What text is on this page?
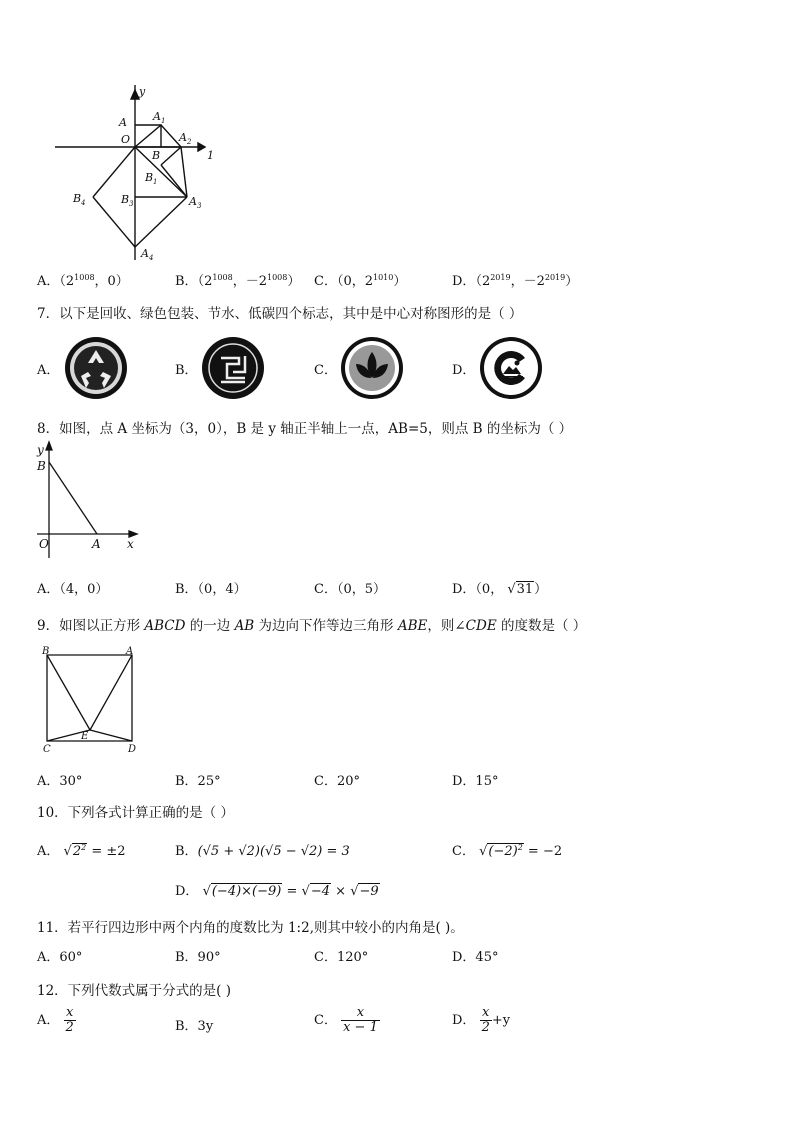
y
A A 1
O	A 2
1
B
B 1
B 3	A 3
B 4
A 4
A．（$2^{1008}$，0）	B．（$2^{1008}$，$-2^{1008}$） C．（0，$2^{1010}$）	D．（$2^{2019}$，$-2^{2019}$）
7．以下是回收、绿色包装、节水、低碳四个标志，其中是中心对称图形的是（ ）
A．	B．	C．	D．
8．如图，点 A 坐标为（3，0），B 是 y 轴正半轴上一点，AB=5，则点 B 的坐标为（ ）
y
B
O	A x
A．（4，0）	B．（0，4）	C．（0，5）	D．（0， √31）
9．如图以正方形 ABCD 的一边 AB 为边向下作等边三角形 ABE，则∠CDE 的度数是（ ）
B	A
E
C	D
A．30°	B．25°	C．20°	D．15°
10．下列各式计算正确的是（ ）
A． $√2^2 = \pm 2$	B．(√5 + √2)(√5 − √2) = 3	C． $√(-2)^2 = -2$
D． √(−4)×(−9) = √−4 × √−9
11．若平行四边形中两个内角的度数比为 1:2,则其中较小的内角是( )。
A．60°	B．90°	C．120°	D．45°
12．下列代数式属于分式的是( )
A． $\frac{x}{2}$	B．3y	C． $\frac{x}{x - 1}$	D． $\frac{x}{2} +y$
